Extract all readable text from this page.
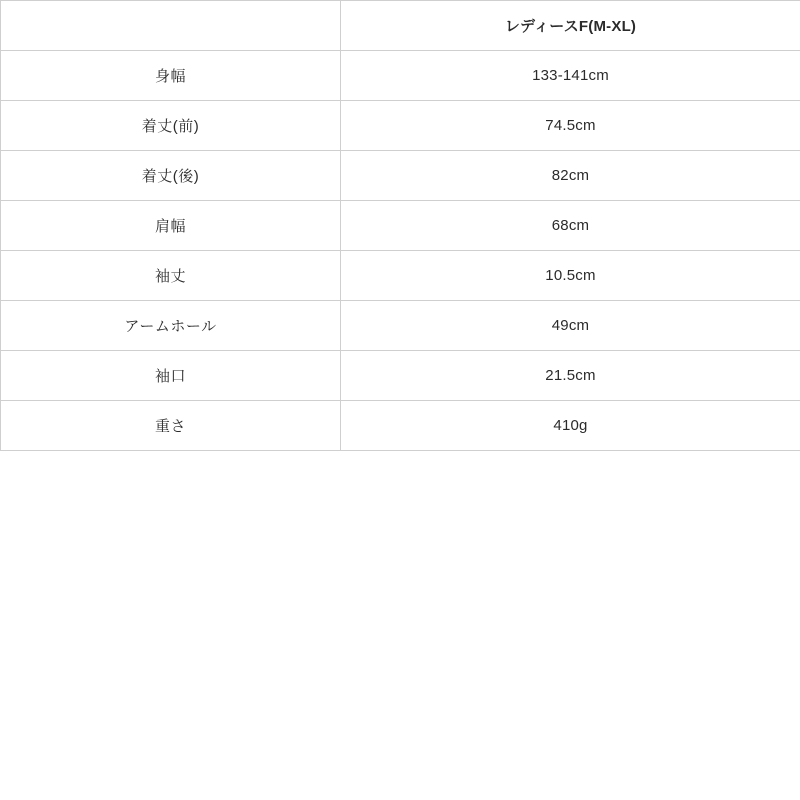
	レディースF(M-XL)
身幅	133-141cm
着丈(前)	74.5cm
着丈(後)	82cm
肩幅	68cm
袖丈	10.5cm
アームホール	49cm
袖口	21.5cm
重さ	410g
